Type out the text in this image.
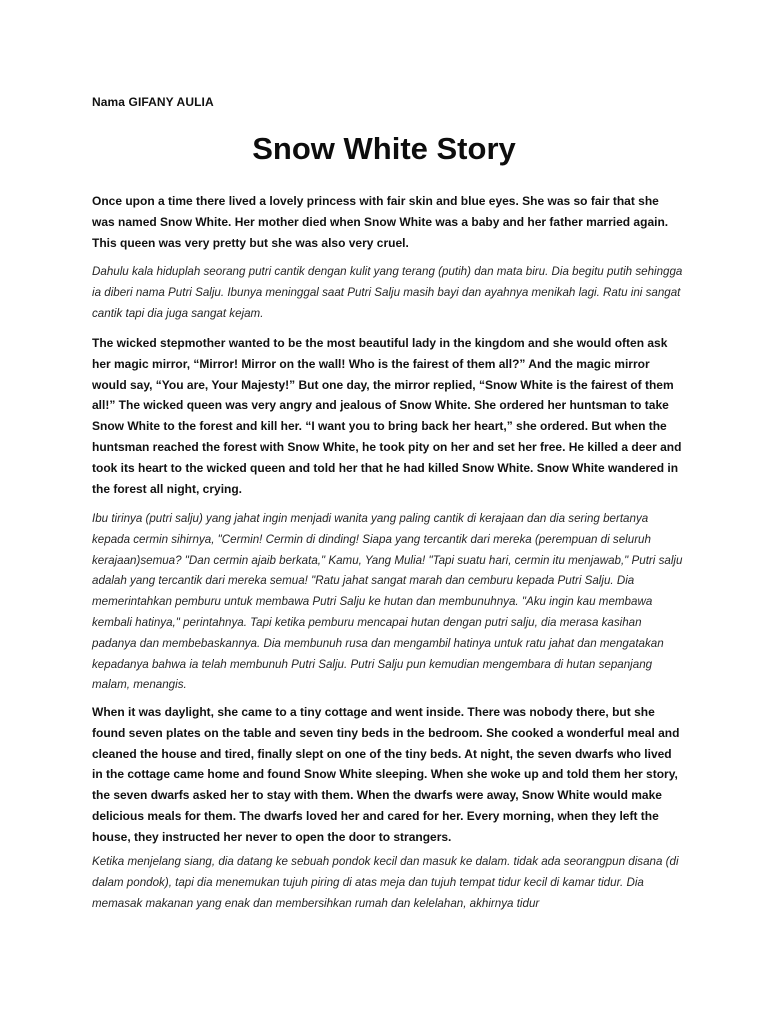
Nama GIFANY AULIA
Snow White Story

Once upon a time there lived a lovely princess with fair skin and blue eyes. She was so fair that she was named Snow White. Her mother died when Snow White was a baby and her father married again. This queen was very pretty but she was also very cruel.

Dahulu kala hiduplah seorang putri cantik dengan kulit yang terang (putih) dan mata biru. Dia begitu putih sehingga ia diberi nama Putri Salju. Ibunya meninggal saat Putri Salju masih bayi dan ayahnya menikah lagi. Ratu ini sangat cantik tapi dia juga sangat kejam.

The wicked stepmother wanted to be the most beautiful lady in the kingdom and she would often ask her magic mirror, “Mirror! Mirror on the wall! Who is the fairest of them all?” And the magic mirror would say, “You are, Your Majesty!” But one day, the mirror replied, “Snow White is the fairest of them all!” The wicked queen was very angry and jealous of Snow White. She ordered her huntsman to take Snow White to the forest and kill her. “I want you to bring back her heart,” she ordered. But when the huntsman reached the forest with Snow White, he took pity on her and set her free. He killed a deer and took its heart to the wicked queen and told her that he had killed Snow White. Snow White wandered in the forest all night, crying.

Ibu tirinya (putri salju) yang jahat ingin menjadi wanita yang paling cantik di kerajaan dan dia sering bertanya kepada cermin sihirnya, "Cermin! Cermin di dinding! Siapa yang tercantik dari mereka (perempuan di seluruh kerajaan)semua? "Dan cermin ajaib berkata," Kamu, Yang Mulia! "Tapi suatu hari, cermin itu menjawab," Putri salju adalah yang tercantik dari mereka semua! "Ratu jahat sangat marah dan cemburu kepada Putri Salju. Dia memerintahkan pemburu untuk membawa Putri Salju ke hutan dan membunuhnya. "Aku ingin kau membawa kembali hatinya," perintahnya. Tapi ketika pemburu mencapai hutan dengan putri salju, dia merasa kasihan padanya dan membebaskannya. Dia membunuh rusa dan mengambil hatinya untuk ratu jahat dan mengatakan kepadanya bahwa ia telah membunuh Putri Salju. Putri Salju pun kemudian mengembara di hutan sepanjang malam, menangis.

When it was daylight, she came to a tiny cottage and went inside. There was nobody there, but she found seven plates on the table and seven tiny beds in the bedroom. She cooked a wonderful meal and cleaned the house and tired, finally slept on one of the tiny beds. At night, the seven dwarfs who lived in the cottage came home and found Snow White sleeping. When she woke up and told them her story, the seven dwarfs asked her to stay with them. When the dwarfs were away, Snow White would make delicious meals for them. The dwarfs loved her and cared for her. Every morning, when they left the house, they instructed her never to open the door to strangers.

Ketika menjelang siang, dia datang ke sebuah pondok kecil dan masuk ke dalam. tidak ada seorangpun disana (di dalam pondok), tapi dia menemukan tujuh piring di atas meja dan tujuh tempat tidur kecil di kamar tidur. Dia memasak makanan yang enak dan membersihkan rumah dan kelelahan, akhirnya tidur
